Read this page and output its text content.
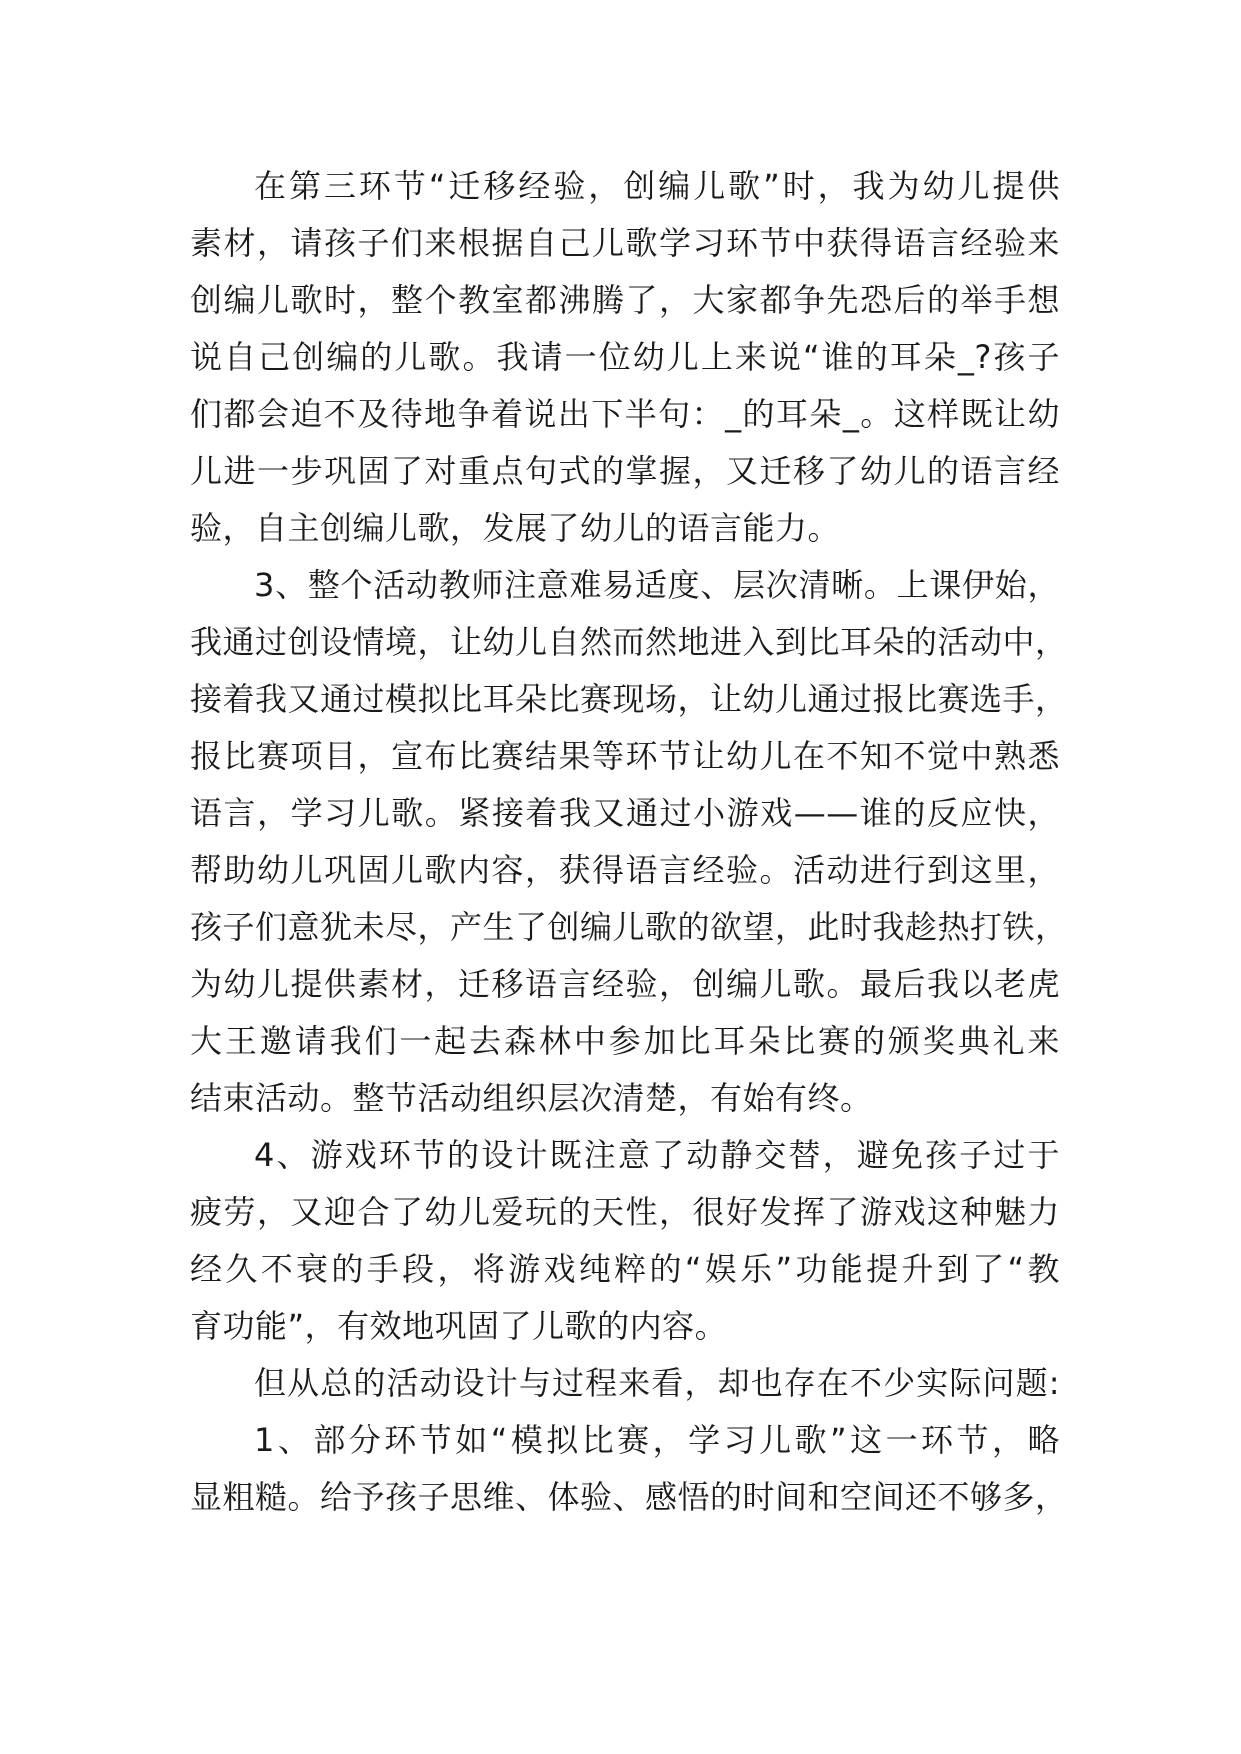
在第三环节“迁移经验，创编儿歌”时，我为幼儿提供
素材，请孩子们来根据自己儿歌学习环节中获得语言经验来
创编儿歌时，整个教室都沸腾了，大家都争先恐后的举手想
说自己创编的儿歌。我请一位幼儿上来说“谁的耳朵_?孩子
们都会迫不及待地争着说出下半句：_的耳朵_。这样既让幼
儿进一步巩固了对重点句式的掌握，又迁移了幼儿的语言经
验，自主创编儿歌，发展了幼儿的语言能力。
3、整个活动教师注意难易适度、层次清晰。上课伊始，
我通过创设情境，让幼儿自然而然地进入到比耳朵的活动中，
接着我又通过模拟比耳朵比赛现场，让幼儿通过报比赛选手，
报比赛项目，宣布比赛结果等环节让幼儿在不知不觉中熟悉
语言，学习儿歌。紧接着我又通过小游戏——谁的反应快，
帮助幼儿巩固儿歌内容，获得语言经验。活动进行到这里，
孩子们意犹未尽，产生了创编儿歌的欲望，此时我趁热打铁，
为幼儿提供素材，迁移语言经验，创编儿歌。最后我以老虎
大王邀请我们一起去森林中参加比耳朵比赛的颁奖典礼来
结束活动。整节活动组织层次清楚，有始有终。
4、游戏环节的设计既注意了动静交替，避免孩子过于
疲劳，又迎合了幼儿爱玩的天性，很好发挥了游戏这种魅力
经久不衰的手段，将游戏纯粹的“娱乐”功能提升到了“教
育功能”，有效地巩固了儿歌的内容。
但从总的活动设计与过程来看，却也存在不少实际问题:
1、部分环节如“模拟比赛，学习儿歌”这一环节，略
显粗糙。给予孩子思维、体验、感悟的时间和空间还不够多，
